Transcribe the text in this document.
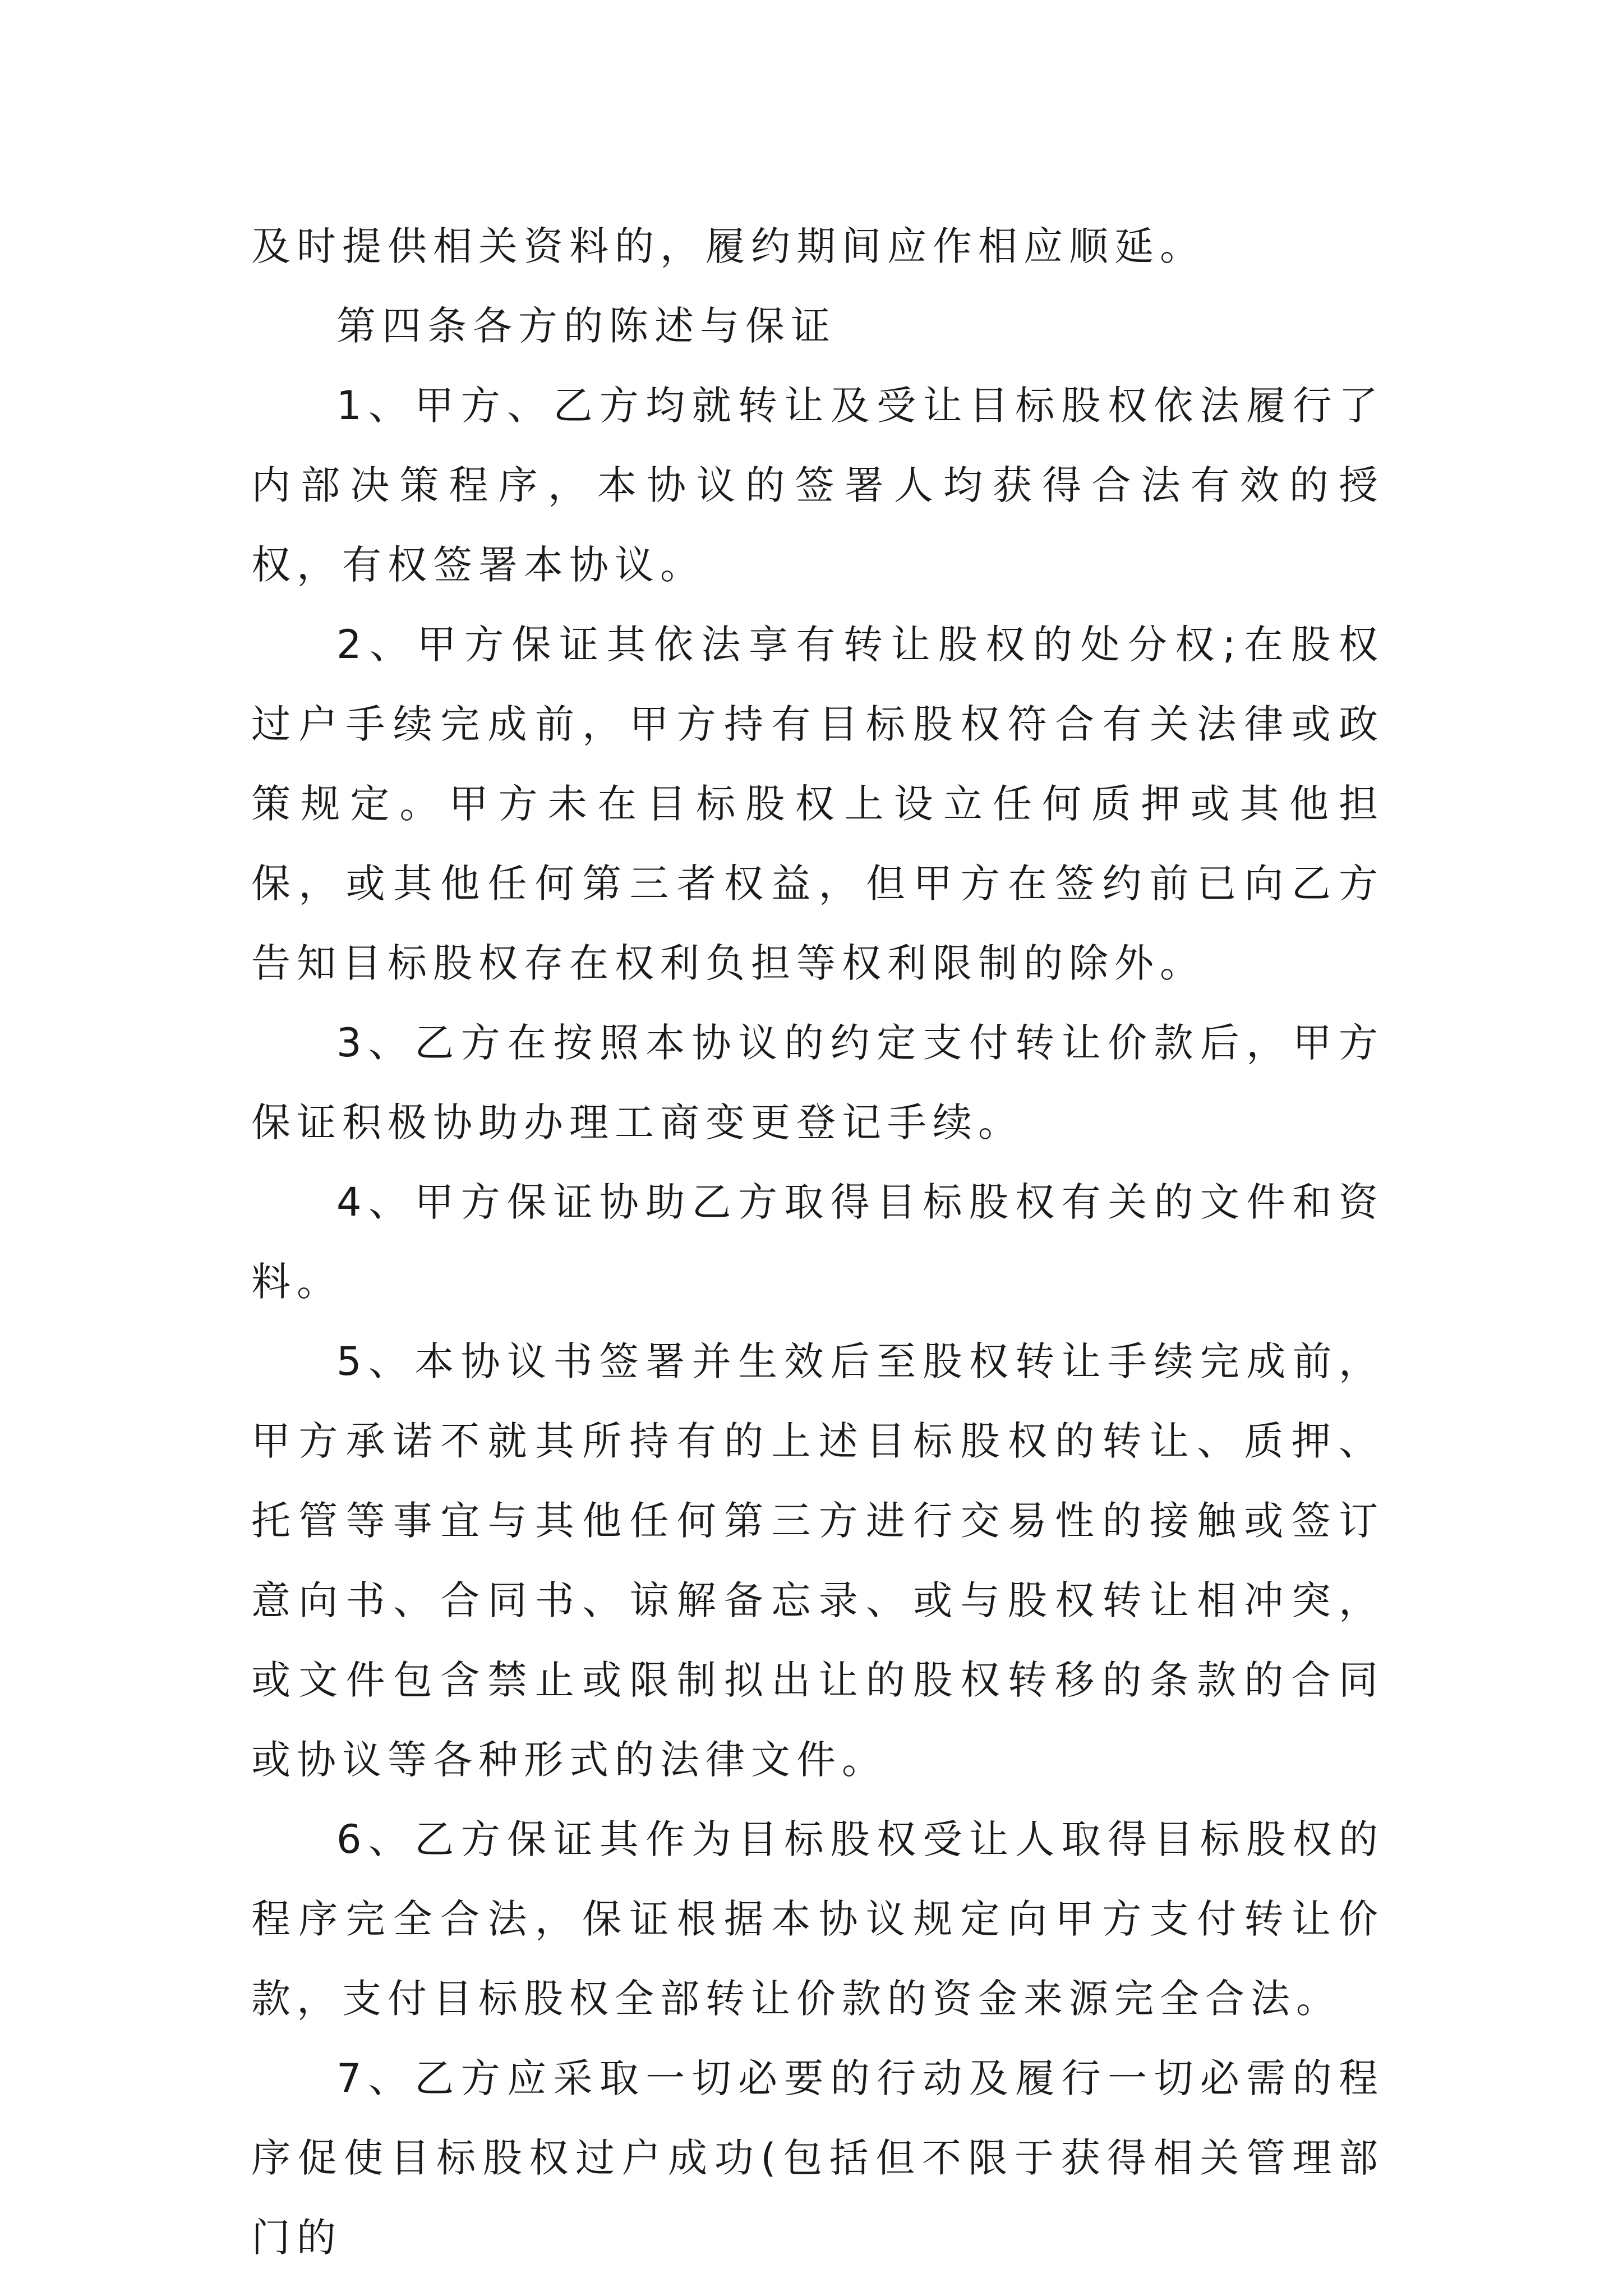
及时提供相关资料的，履约期间应作相应顺延。

第四条各方的陈述与保证

1、甲方、乙方均就转让及受让目标股权依法履行了内部决策程序，本协议的签署人均获得合法有效的授权，有权签署本协议。

2、甲方保证其依法享有转让股权的处分权;在股权过户手续完成前，甲方持有目标股权符合有关法律或政策规定。甲方未在目标股权上设立任何质押或其他担保，或其他任何第三者权益，但甲方在签约前已向乙方告知目标股权存在权利负担等权利限制的除外。

3、乙方在按照本协议的约定支付转让价款后，甲方保证积极协助办理工商变更登记手续。

4、甲方保证协助乙方取得目标股权有关的文件和资料。

5、本协议书签署并生效后至股权转让手续完成前，甲方承诺不就其所持有的上述目标股权的转让、质押、托管等事宜与其他任何第三方进行交易性的接触或签订意向书、合同书、谅解备忘录、或与股权转让相冲突，或文件包含禁止或限制拟出让的股权转移的条款的合同或协议等各种形式的法律文件。

6、乙方保证其作为目标股权受让人取得目标股权的程序完全合法，保证根据本协议规定向甲方支付转让价款，支付目标股权全部转让价款的资金来源完全合法。

7、乙方应采取一切必要的行动及履行一切必需的程序促使目标股权过户成功(包括但不限于获得相关管理部门的
